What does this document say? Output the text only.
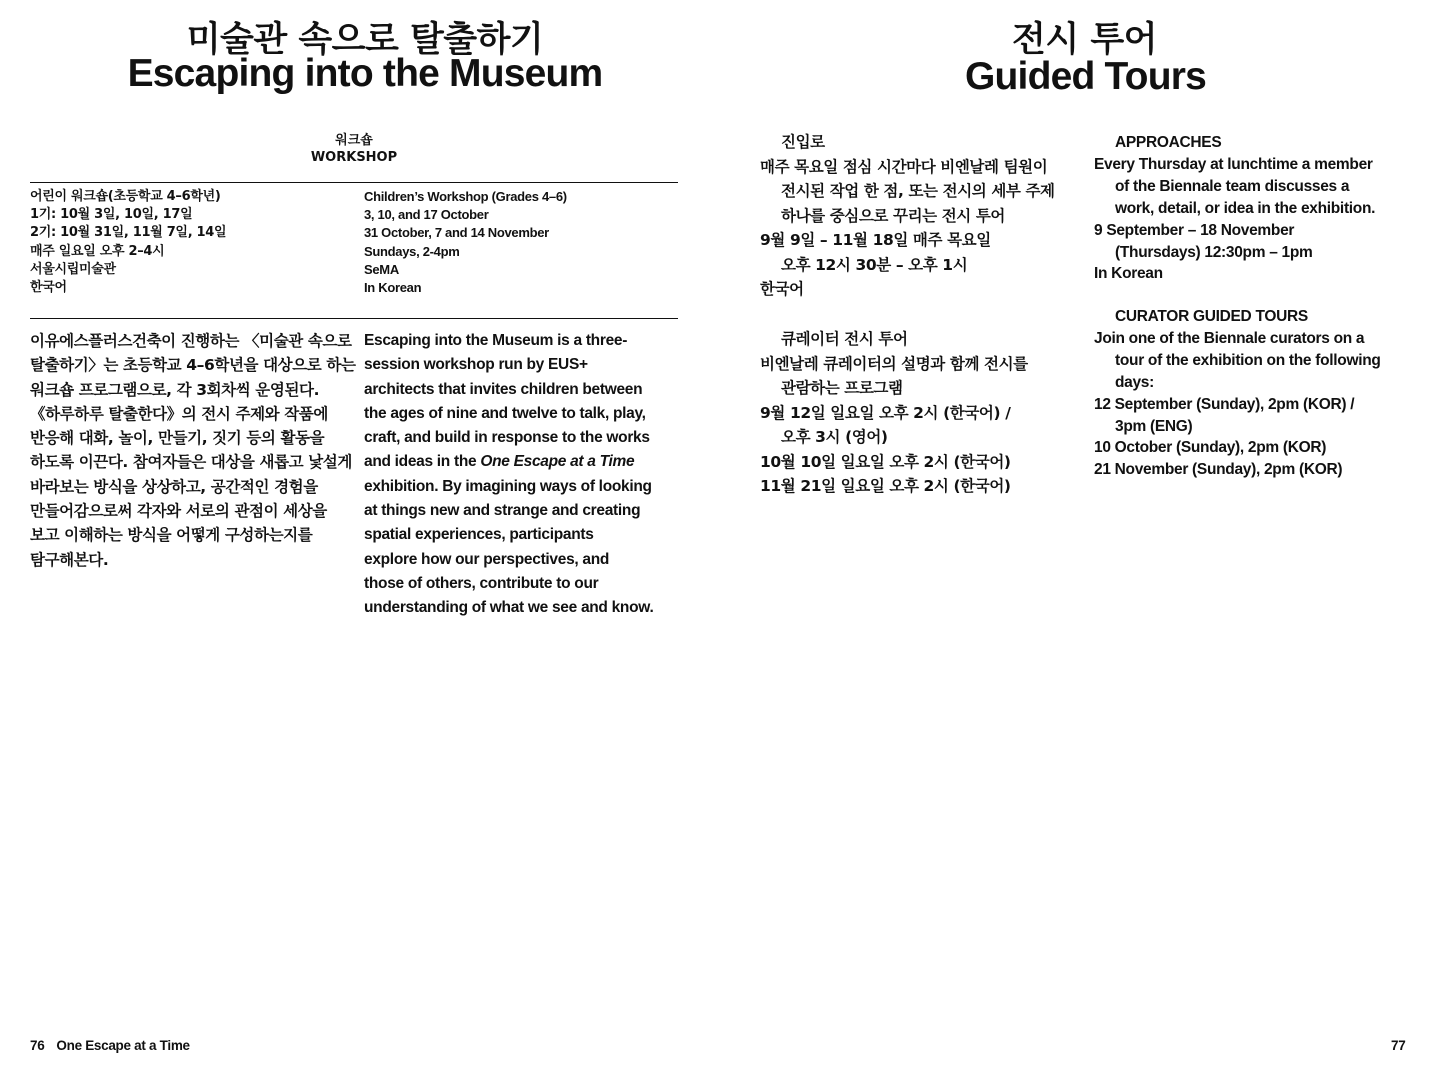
미술관 속으로 탈출하기
Escaping into the Museum
워크숍
WORKSHOP
어린이 워크숍(초등학교 4–6학년)
1기: 10월 3일, 10일, 17일
2기: 10월 31일, 11월 7일, 14일
매주 일요일 오후 2–4시
서울시립미술관
한국어
Children’s Workshop (Grades 4–6)
3, 10, and 17 October
31 October, 7 and 14 November
Sundays, 2-4pm
SeMA
In Korean
이유에스플러스건축이 진행하는 〈미술관 속으로
탈출하기〉는 초등학교 4–6학년을 대상으로 하는
워크숍 프로그램으로, 각 3회차씩 운영된다.
《하루하루 탈출한다》의 전시 주제와 작품에
반응해 대화, 놀이, 만들기, 짓기 등의 활동을
하도록 이끈다. 참여자들은 대상을 새롭고 낯설게
바라보는 방식을 상상하고, 공간적인 경험을
만들어감으로써 각자와 서로의 관점이 세상을
보고 이해하는 방식을 어떻게 구성하는지를
탐구해본다.
Escaping into the Museum is a three-
session workshop run by EUS+
architects that invites children between
the ages of nine and twelve to talk, play,
craft, and build in response to the works
and ideas in the One Escape at a Time
exhibition. By imagining ways of looking
at things new and strange and creating
spatial experiences, participants
explore how our perspectives, and
those of others, contribute to our
understanding of what we see and know.
76 One Escape at a Time
전시 투어
Guided Tours
진입로
매주 목요일 점심 시간마다 비엔날레 팀원이
전시된 작업 한 점, 또는 전시의 세부 주제
하나를 중심으로 꾸리는 전시 투어
9월 9일 – 11월 18일 매주 목요일
오후 12시 30분 – 오후 1시
한국어
APPROACHES
Every Thursday at lunchtime a member
of the Biennale team discusses a
work, detail, or idea in the exhibition.
9 September – 18 November
(Thursdays) 12:30pm – 1pm
In Korean
큐레이터 전시 투어
비엔날레 큐레이터의 설명과 함께 전시를
관람하는 프로그램
9월 12일 일요일 오후 2시 (한국어) /
오후 3시 (영어)
10월 10일 일요일 오후 2시 (한국어)
11월 21일 일요일 오후 2시 (한국어)
CURATOR GUIDED TOURS
Join one of the Biennale curators on a
tour of the exhibition on the following
days:
12 September (Sunday), 2pm (KOR) /
3pm (ENG)
10 October (Sunday), 2pm (KOR)
21 November (Sunday), 2pm (KOR)
77
